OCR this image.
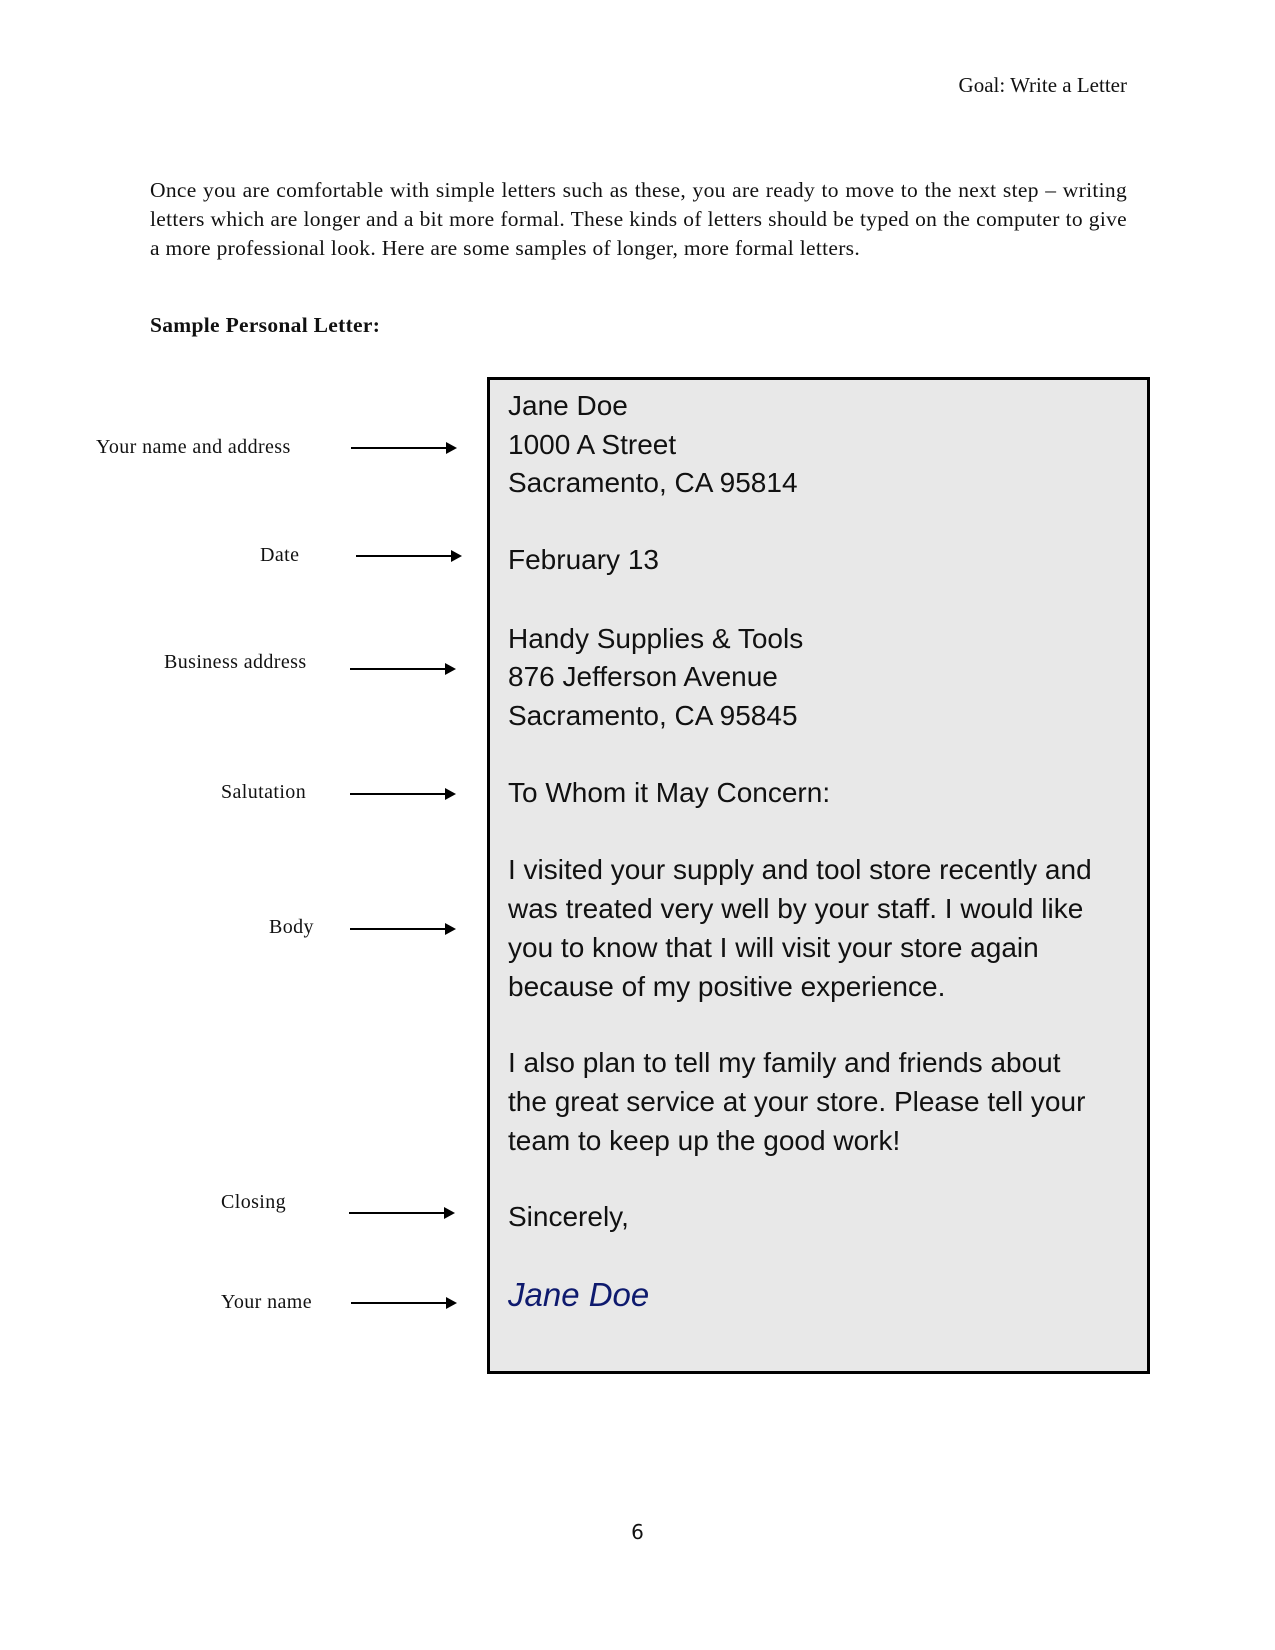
Goal: Write a Letter

Once you are comfortable with simple letters such as these, you are ready to move to the next step – writing letters which are longer and a bit more formal. These kinds of letters should be typed on the computer to give a more professional look. Here are some samples of longer, more formal letters.

Sample Personal Letter:
Your name and address
Date
Business address
Salutation
Body
Closing
Your name
Jane Doe
1000 A Street
Sacramento, CA 95814
February 13
Handy Supplies & Tools
876 Jefferson Avenue
Sacramento, CA 95845
To Whom it May Concern:
I visited your supply and tool store recently and
was treated very well by your staff. I would like
you to know that I will visit your store again
because of my positive experience.
I also plan to tell my family and friends about
the great service at your store. Please tell your
team to keep up the good work!
Sincerely,
Jane Doe
6
